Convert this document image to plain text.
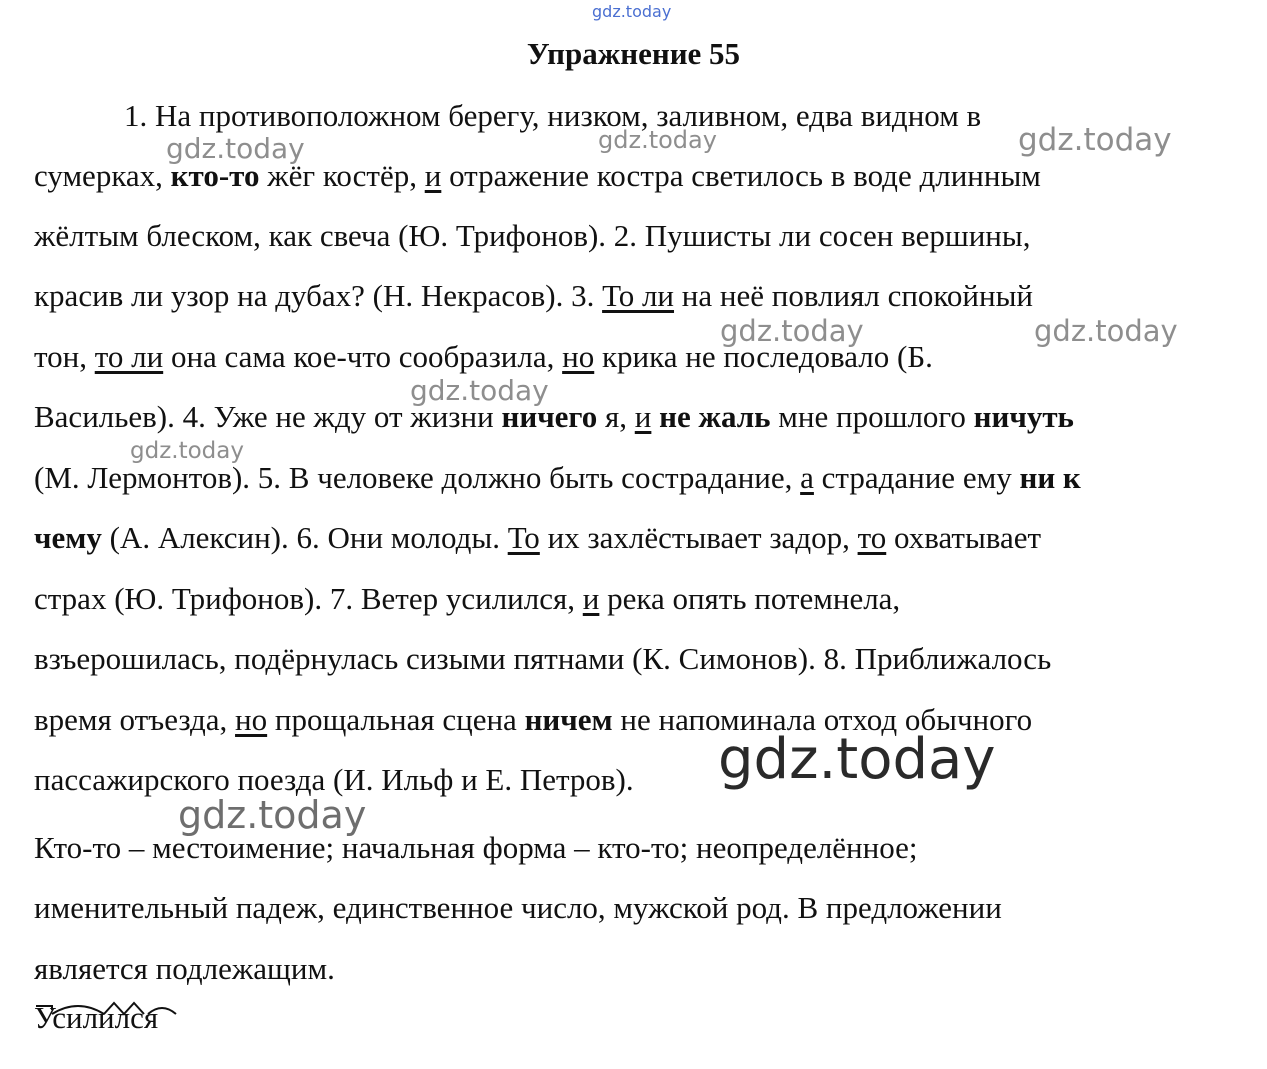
gdz.today
Упражнение 55
1. На противоположном берегу, низком, заливном, едва видном в
сумерках, кто-то жёг костёр, и отражение костра светилось в воде длинным
жёлтым блеском, как свеча (Ю. Трифонов). 2. Пушисты ли сосен вершины,
красив ли узор на дубах? (Н. Некрасов). 3. То ли на неё повлиял спокойный
тон, то ли она сама кое-что сообразила, но крика не последовало (Б.
Васильев). 4. Уже не жду от жизни ничего я, и не жаль мне прошлого ничуть
(М. Лермонтов). 5. В человеке должно быть сострадание, а страдание ему ни к
чему (А. Алексин). 6. Они молоды. То их захлёстывает задор, то охватывает
страх (Ю. Трифонов). 7. Ветер усилился, и река опять потемнела,
взъерошилась, подёрнулась сизыми пятнами (К. Симонов). 8. Приближалось
время отъезда, но прощальная сцена ничем не напоминала отход обычного
пассажирского поезда (И. Ильф и Е. Петров).
Кто-то – местоимение; начальная форма – кто-то; неопределённое;
именительный падеж, единственное число, мужской род. В предложении
является подлежащим.
Усилился
gdz.today	gdz.today	gdz.today
gdz.today	gdz.today
gdz.today
gdz.today
gdz.today
gdz.today
